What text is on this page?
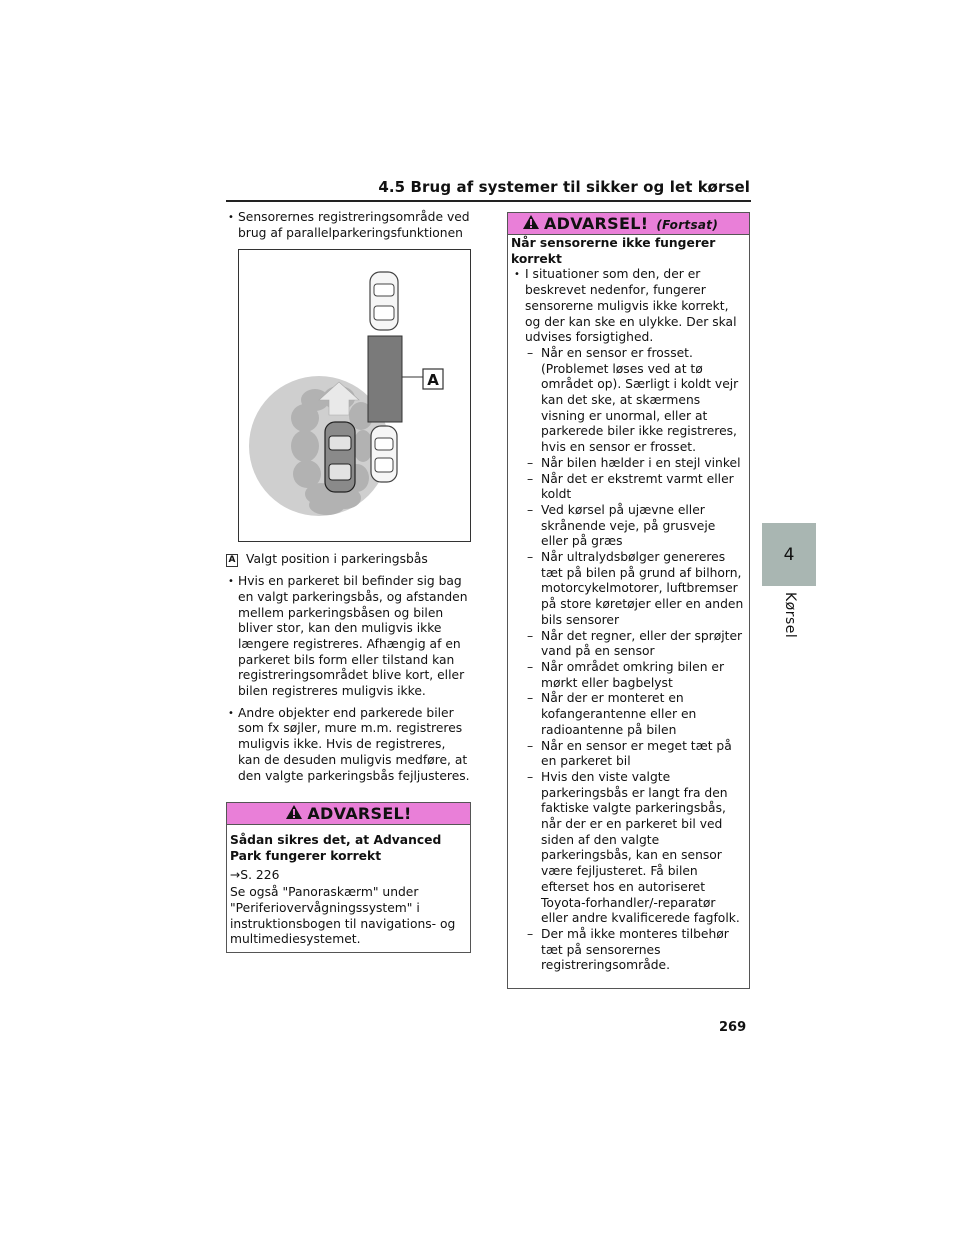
4.5 Brug af systemer til sikker og let kørsel
4
Kørsel
• Sensorernes registreringsområde ved brug af parallelparkeringsfunktionen
A
A Valgt position i parkeringsbås
• Hvis en parkeret bil befinder sig bag en valgt parkeringsbås, og afstanden mellem parkeringsbåsen og bilen bliver stor, kan den muligvis ikke længere registreres. Afhængig af en parkeret bils form eller tilstand kan registreringsområdet blive kort, eller bilen registreres muligvis ikke.
• Andre objekter end parkerede biler som fx søjler, mure m.m. registreres muligvis ikke. Hvis de registreres, kan de desuden muligvis medføre, at den valgte parkeringsbås fejljusteres.
ADVARSEL!
Sådan sikres det, at Advanced Park fungerer korrekt
→S. 226
Se også "Panoraskærm" under "Periferiovervågningssystem" i instruktionsbogen til navigations- og multimediesystemet.
ADVARSEL! (Fortsat)
Når sensorerne ikke fungerer korrekt
• I situationer som den, der er beskrevet nedenfor, fungerer sensorerne muligvis ikke korrekt, og der kan ske en ulykke. Der skal udvises forsigtighed.
– Når en sensor er frosset. (Problemet løses ved at tø området op). Særligt i koldt vejr kan det ske, at skærmens visning er unormal, eller at parkerede biler ikke registreres, hvis en sensor er frosset.
– Når bilen hælder i en stejl vinkel
– Når det er ekstremt varmt eller koldt
– Ved kørsel på ujævne eller skrånende veje, på grusveje eller på græs
– Når ultralydsbølger genereres tæt på bilen på grund af bilhorn, motorcykelmotorer, luftbremser på store køretøjer eller en anden bils sensorer
– Når det regner, eller der sprøjter vand på en sensor
– Når området omkring bilen er mørkt eller bagbelyst
– Når der er monteret en kofangerantenne eller en radioantenne på bilen
– Når en sensor er meget tæt på en parkeret bil
– Hvis den viste valgte parkeringsbås er langt fra den faktiske valgte parkeringsbås, når der er en parkeret bil ved siden af den valgte parkeringsbås, kan en sensor være fejljusteret. Få bilen efterset hos en autoriseret Toyota-forhandler/-reparatør eller andre kvalificerede fagfolk.
– Der må ikke monteres tilbehør tæt på sensorernes registreringsområde.
269
